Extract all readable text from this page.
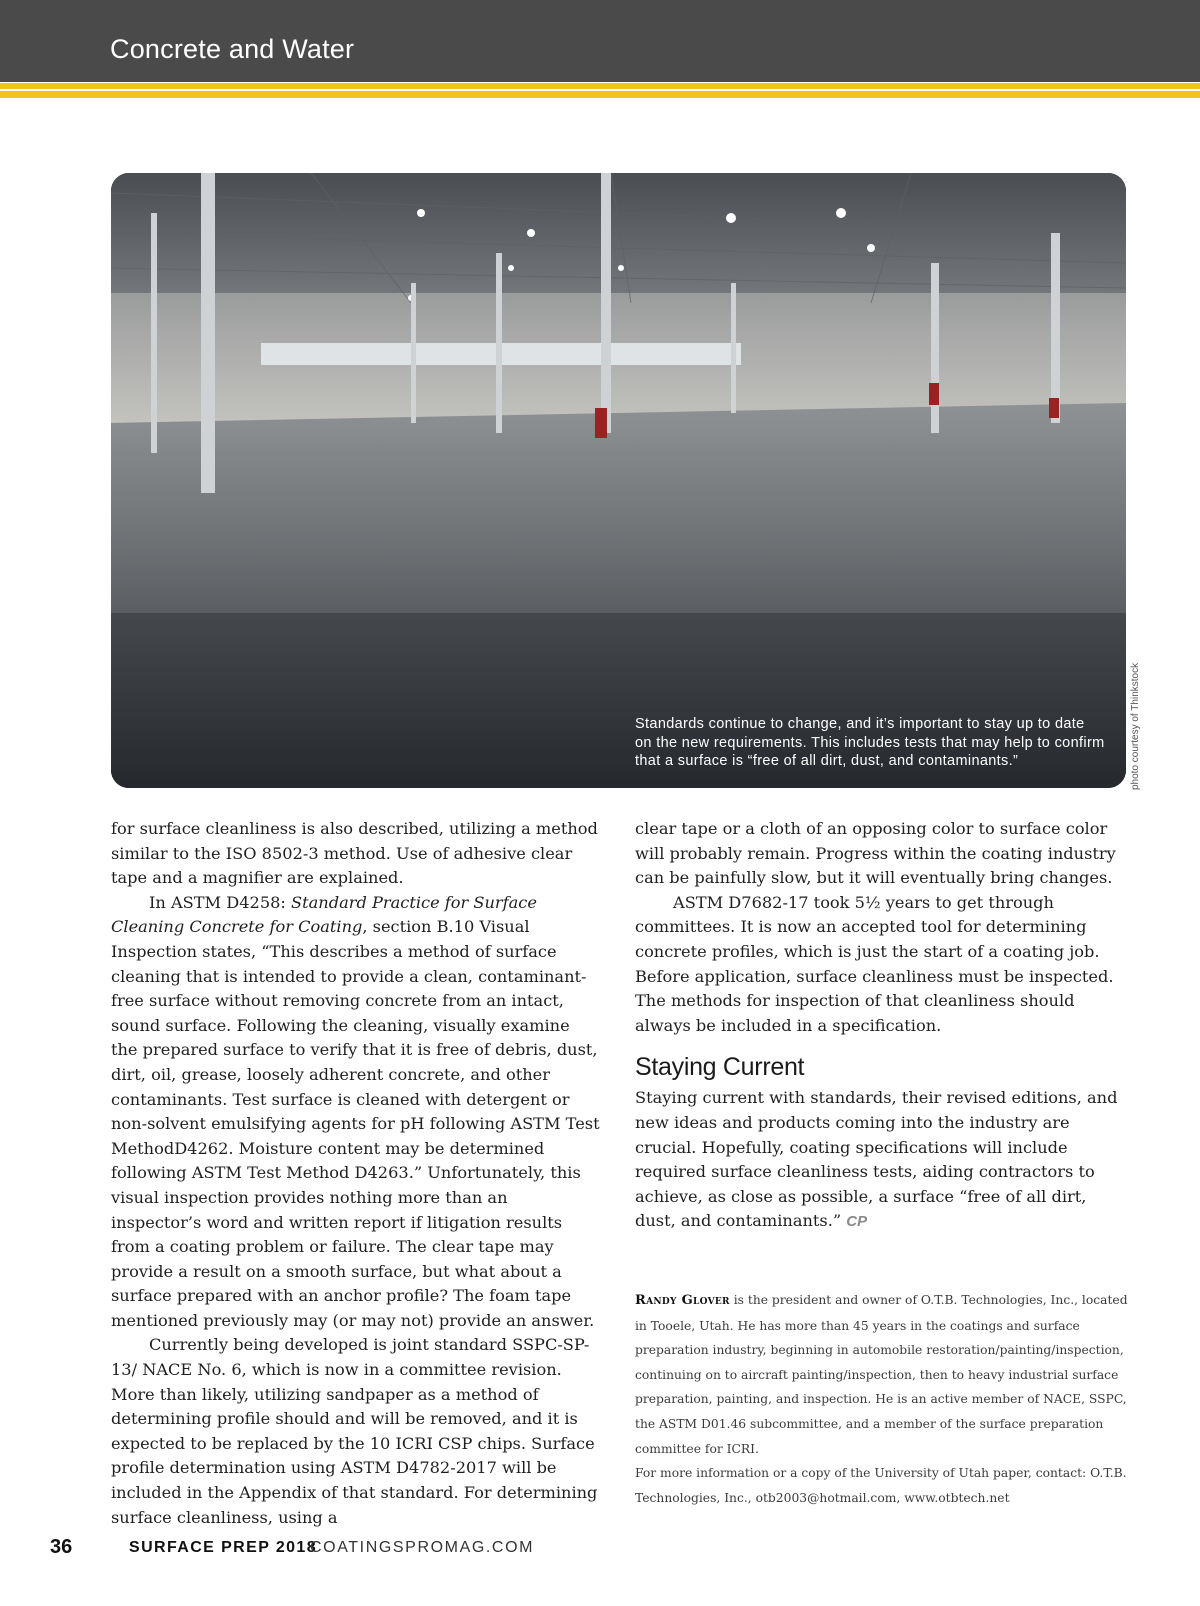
Concrete and Water
Standards continue to change, and it’s important to stay up to date on the new requirements. This includes tests that may help to confirm that a surface is “free of all dirt, dust, and contaminants.”	photo courtesy of Thinkstock

for surface cleanliness is also described, utilizing a method similar to the ISO 8502-3 method. Use of adhesive clear tape and a magnifier are explained.

In ASTM D4258: Standard Practice for Surface Cleaning Concrete for Coating, section B.10 Visual Inspection states, “This describes a method of surface cleaning that is intended to provide a clean, contaminant-free surface without removing concrete from an intact, sound surface. Following the cleaning, visually examine the prepared surface to verify that it is free of debris, dust, dirt, oil, grease, loosely adherent concrete, and other contaminants. Test surface is cleaned with detergent or non-solvent emulsifying agents for pH following ASTM Test MethodD4262. Moisture content may be determined following ASTM Test Method D4263.” Unfortunately, this visual inspection provides nothing more than an inspector’s word and written report if litigation results from a coating problem or failure. The clear tape may provide a result on a smooth surface, but what about a surface prepared with an anchor profile? The foam tape mentioned previously may (or may not) provide an answer.

Currently being developed is joint standard SSPC-SP-13/ NACE No. 6, which is now in a committee revision. More than likely, utilizing sandpaper as a method of determining profile should and will be removed, and it is expected to be replaced by the 10 ICRI CSP chips. Surface profile determination using ASTM D4782-2017 will be included in the Appendix of that standard. For determining surface cleanliness, using a

clear tape or a cloth of an opposing color to surface color will probably remain. Progress within the coating industry can be painfully slow, but it will eventually bring changes.

ASTM D7682-17 took 5½ years to get through committees. It is now an accepted tool for determining concrete profiles, which is just the start of a coating job. Before application, surface cleanliness must be inspected. The methods for inspection of that cleanliness should always be included in a specification.

Staying Current

Staying current with standards, their revised editions, and new ideas and products coming into the industry are crucial. Hopefully, coating specifications will include required surface cleanliness tests, aiding contractors to achieve, as close as possible, a surface “free of all dirt, dust, and contaminants.” CP

Randy Glover is the president and owner of O.T.B. Technologies, Inc., located in Tooele, Utah. He has more than 45 years in the coatings and surface preparation industry, beginning in automobile restoration/painting/inspection, continuing on to aircraft painting/inspection, then to heavy industrial surface preparation, painting, and inspection. He is an active member of NACE, SSPC, the ASTM D01.46 subcommittee, and a member of the surface preparation committee for ICRI.

For more information or a copy of the University of Utah paper, contact: O.T.B. Technologies, Inc., otb2003@hotmail.com, www.otbtech.net

36	SURFACE PREP 2018
COATINGSPROMAG.COM
